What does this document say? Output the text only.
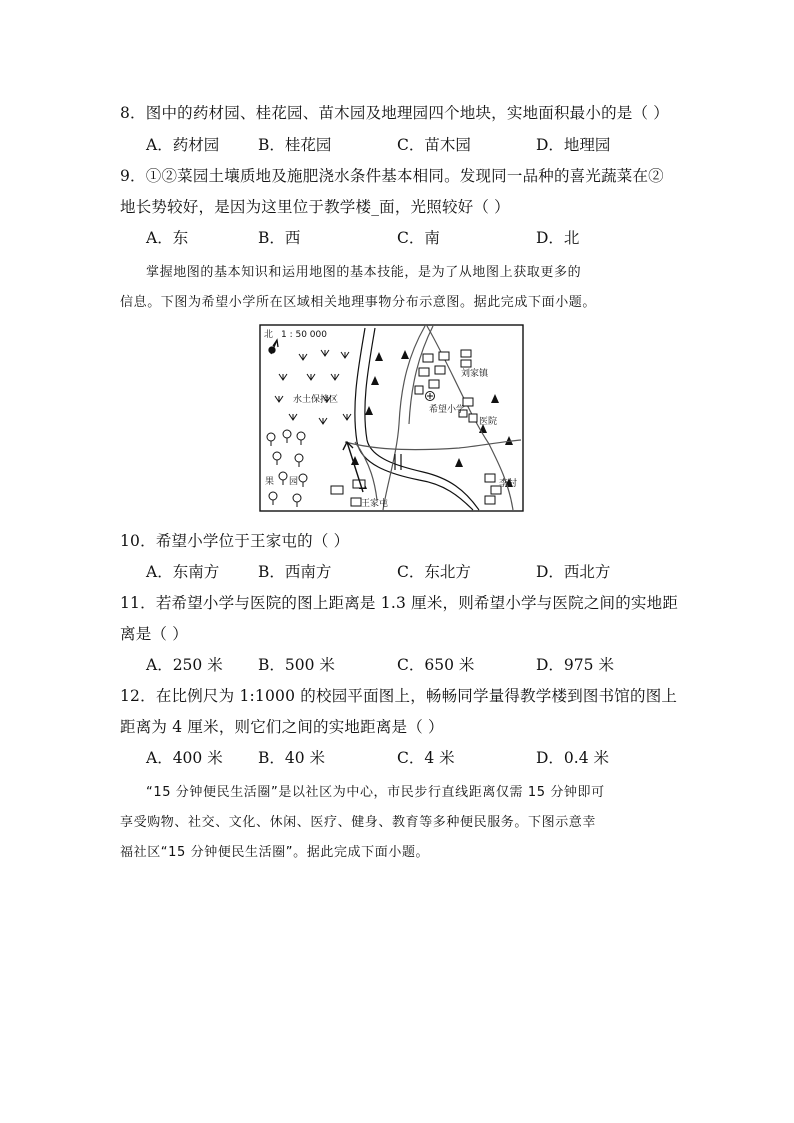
8．图中的药材园、桂花园、苗木园及地理园四个地块，实地面积最小的是（ ）
A．药材园	B．桂花园	C．苗木园	D．地理园
9．①②菜园土壤质地及施肥浇水条件基本相同。发现同一品种的喜光蔬菜在②
地长势较好，是因为这里位于教学楼_面，光照较好（ ）
A．东	B．西	C．南	D．北
掌握地图的基本知识和运用地图的基本技能，是为了从地图上获取更多的
信息。下图为希望小学所在区域相关地理事物分布示意图。据此完成下面小题。
北 1 : 50 000
水土保持区
刘家镇
希望小学
医院
果 园
王家屯
李村
10．希望小学位于王家屯的（ ）
A．东南方	B．西南方	C．东北方	D．西北方
11．若希望小学与医院的图上距离是 1.3 厘米，则希望小学与医院之间的实地距
离是（ ）
A．250 米 B．500 米	C．650 米	D．975 米
12．在比例尺为 1:1000 的校园平面图上，畅畅同学量得教学楼到图书馆的图上
距离为 4 厘米，则它们之间的实地距离是（ ）
A．400 米 B．40 米	C．4 米	D．0.4 米
“15 分钟便民生活圈”是以社区为中心，市民步行直线距离仅需 15 分钟即可
享受购物、社交、文化、休闲、医疗、健身、教育等多种便民服务。下图示意幸
福社区“15 分钟便民生活圈”。据此完成下面小题。
